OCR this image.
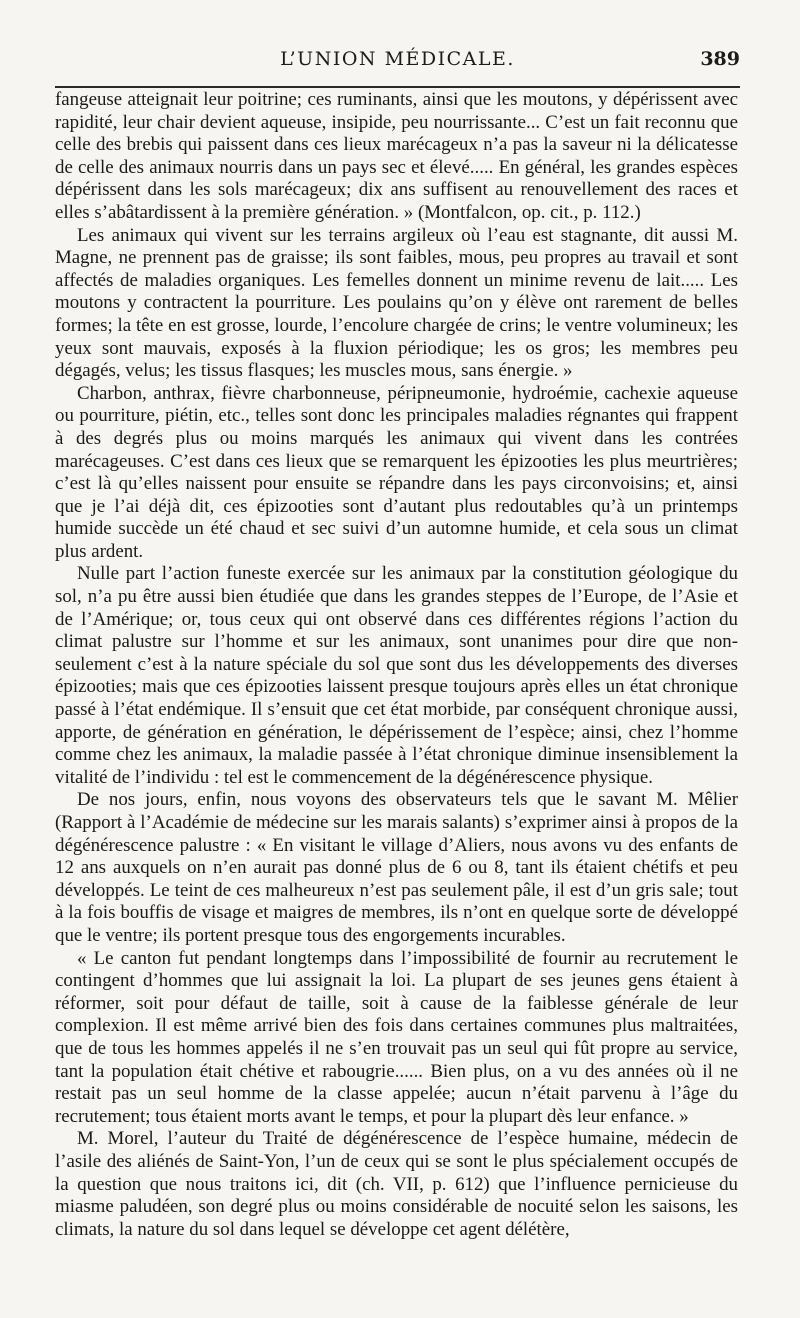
L’UNION MÉDICALE.	389

fangeuse atteignait leur poitrine; ces ruminants, ainsi que les moutons, y dépérissent avec rapidité, leur chair devient aqueuse, insipide, peu nourrissante... C’est un fait reconnu que celle des brebis qui paissent dans ces lieux marécageux n’a pas la saveur ni la délicatesse de celle des animaux nourris dans un pays sec et élevé..... En général, les grandes espèces dépérissent dans les sols marécageux; dix ans suffisent au renouvellement des races et elles s’abâtardissent à la première génération. » (Montfalcon, op. cit., p. 112.)

Les animaux qui vivent sur les terrains argileux où l’eau est stagnante, dit aussi M. Magne, ne prennent pas de graisse; ils sont faibles, mous, peu propres au travail et sont affectés de maladies organiques. Les femelles donnent un minime revenu de lait..... Les moutons y contractent la pourriture. Les poulains qu’on y élève ont rarement de belles formes; la tête en est grosse, lourde, l’encolure chargée de crins; le ventre volumineux; les yeux sont mauvais, exposés à la fluxion périodique; les os gros; les membres peu dégagés, velus; les tissus flasques; les muscles mous, sans énergie. »

Charbon, anthrax, fièvre charbonneuse, péripneumonie, hydroémie, cachexie aqueuse ou pourriture, piétin, etc., telles sont donc les principales maladies régnantes qui frappent à des degrés plus ou moins marqués les animaux qui vivent dans les contrées marécageuses. C’est dans ces lieux que se remarquent les épizooties les plus meurtrières; c’est là qu’elles naissent pour ensuite se répandre dans les pays circonvoisins; et, ainsi que je l’ai déjà dit, ces épizooties sont d’autant plus redoutables qu’à un printemps humide succède un été chaud et sec suivi d’un automne humide, et cela sous un climat plus ardent.

Nulle part l’action funeste exercée sur les animaux par la constitution géologique du sol, n’a pu être aussi bien étudiée que dans les grandes steppes de l’Europe, de l’Asie et de l’Amérique; or, tous ceux qui ont observé dans ces différentes régions l’action du climat palustre sur l’homme et sur les animaux, sont unanimes pour dire que non-seulement c’est à la nature spéciale du sol que sont dus les développements des diverses épizooties; mais que ces épizooties laissent presque toujours après elles un état chronique passé à l’état endémique. Il s’ensuit que cet état morbide, par conséquent chronique aussi, apporte, de génération en génération, le dépérissement de l’espèce; ainsi, chez l’homme comme chez les animaux, la maladie passée à l’état chronique diminue insensiblement la vitalité de l’individu : tel est le commencement de la dégénérescence physique.

De nos jours, enfin, nous voyons des observateurs tels que le savant M. Mêlier (Rapport à l’Académie de médecine sur les marais salants) s’exprimer ainsi à propos de la dégénérescence palustre : « En visitant le village d’Aliers, nous avons vu des enfants de 12 ans auxquels on n’en aurait pas donné plus de 6 ou 8, tant ils étaient chétifs et peu développés. Le teint de ces malheureux n’est pas seulement pâle, il est d’un gris sale; tout à la fois bouffis de visage et maigres de membres, ils n’ont en quelque sorte de développé que le ventre; ils portent presque tous des engorgements incurables.

« Le canton fut pendant longtemps dans l’impossibilité de fournir au recrutement le contingent d’hommes que lui assignait la loi. La plupart de ses jeunes gens étaient à réformer, soit pour défaut de taille, soit à cause de la faiblesse générale de leur complexion. Il est même arrivé bien des fois dans certaines communes plus maltraitées, que de tous les hommes appelés il ne s’en trouvait pas un seul qui fût propre au service, tant la population était chétive et rabougrie...... Bien plus, on a vu des années où il ne restait pas un seul homme de la classe appelée; aucun n’était parvenu à l’âge du recrutement; tous étaient morts avant le temps, et pour la plupart dès leur enfance. »

M. Morel, l’auteur du Traité de dégénérescence de l’espèce humaine, médecin de l’asile des aliénés de Saint-Yon, l’un de ceux qui se sont le plus spécialement occupés de la question que nous traitons ici, dit (ch. VII, p. 612) que l’influence pernicieuse du miasme paludéen, son degré plus ou moins considérable de nocuité selon les saisons, les climats, la nature du sol dans lequel se développe cet agent délétère,
